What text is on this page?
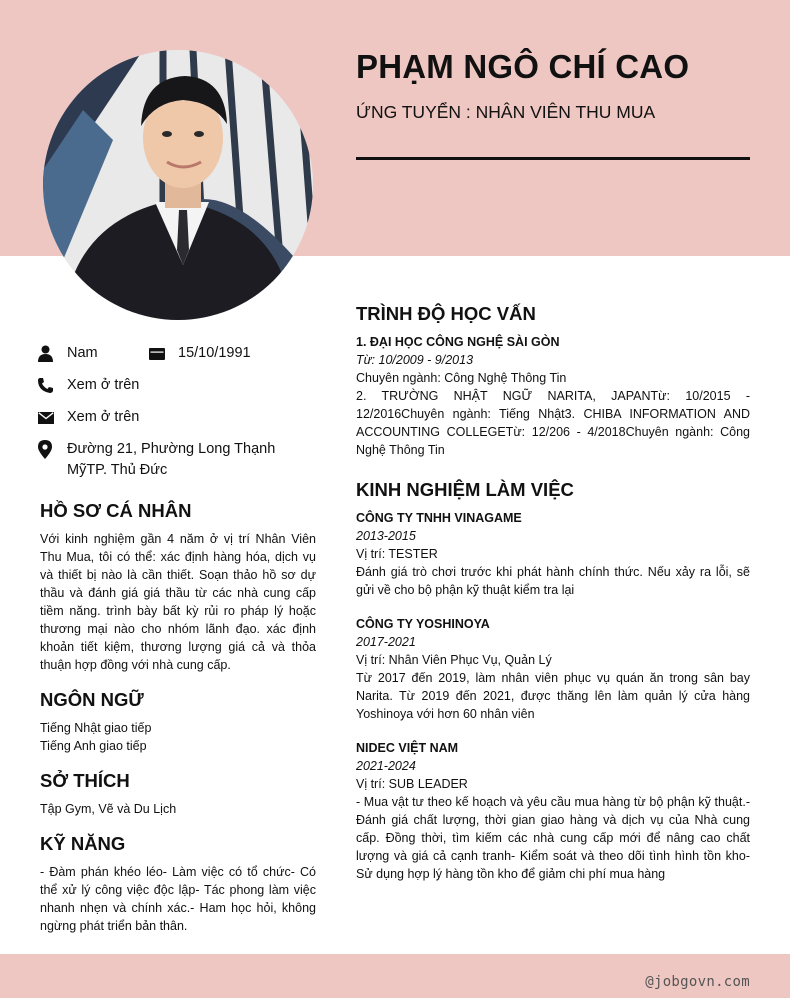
@jobgovn.com
PHẠM NGÔ CHÍ CAO
ỨNG TUYỂN : NHÂN VIÊN THU MUA
Nam	15/10/1991
Xem ở trên
Xem ở trên
Đường 21, Phường Long Thạnh MỹTP. Thủ Đức
HỒ SƠ CÁ NHÂN
Với kinh nghiệm gần 4 năm ở vị trí Nhân Viên Thu Mua, tôi có thể: xác định hàng hóa, dịch vụ và thiết bị nào là cần thiết. Soạn thảo hồ sơ dự thầu và đánh giá giá thầu từ các nhà cung cấp tiềm năng. trình bày bất kỳ rủi ro pháp lý hoặc thương mại nào cho nhóm lãnh đạo. xác định khoản tiết kiệm, thương lượng giá cả và thỏa thuận hợp đồng với nhà cung cấp.
NGÔN NGỮ
Tiếng Nhật giao tiếp
Tiếng Anh giao tiếp
SỞ THÍCH
Tập Gym, Vẽ và Du Lịch
KỸ NĂNG
- Đàm phán khéo léo- Làm việc có tổ chức- Có thể xử lý công việc độc lập- Tác phong làm việc nhanh nhẹn và chính xác.- Ham học hỏi, không ngừng phát triển bản thân.
TRÌNH ĐỘ HỌC VẤN
1. ĐẠI HỌC CÔNG NGHỆ SÀI GÒN
Từ: 10/2009 - 9/2013
Chuyên ngành: Công Nghệ Thông Tin
2. TRƯỜNG NHẬT NGỮ NARITA, JAPANTừ: 10/2015 - 12/2016Chuyên ngành: Tiếng Nhật3. CHIBA INFORMATION AND ACCOUNTING COLLEGETừ: 12/206 - 4/2018Chuyên ngành: Công Nghệ Thông Tin
KINH NGHIỆM LÀM VIỆC
CÔNG TY TNHH VINAGAME
2013-2015
Vị trí: TESTER
Đánh giá trò chơi trước khi phát hành chính thức. Nếu xảy ra lỗi, sẽ gửi về cho bộ phận kỹ thuật kiểm tra lại
CÔNG TY YOSHINOYA
2017-2021
Vị trí: Nhân Viên Phục Vụ, Quản Lý
Từ 2017 đến 2019, làm nhân viên phục vụ quán ăn trong sân bay Narita. Từ 2019 đến 2021, được thăng lên làm quản lý cửa hàng Yoshinoya với hơn 60 nhân viên
NIDEC VIỆT NAM
2021-2024
Vị trí: SUB LEADER
- Mua vật tư theo kế hoạch và yêu cầu mua hàng từ bộ phận kỹ thuật.- Đánh giá chất lượng, thời gian giao hàng và dịch vụ của Nhà cung cấp. Đồng thời, tìm kiếm các nhà cung cấp mới để nâng cao chất lượng và giá cả cạnh tranh- Kiểm soát và theo dõi tình hình tồn kho- Sử dụng hợp lý hàng tồn kho để giảm chi phí mua hàng
